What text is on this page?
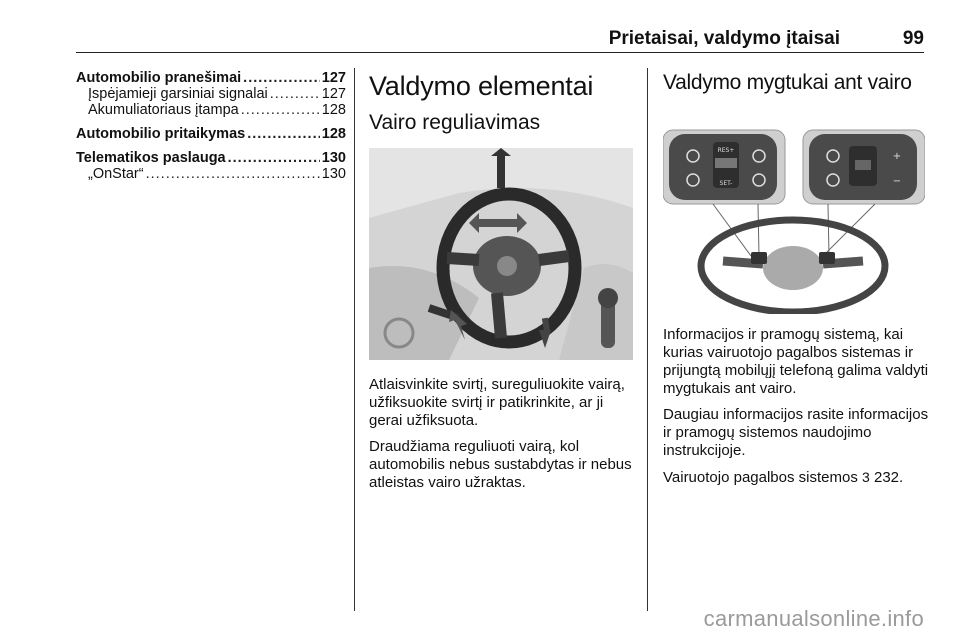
Prietaisai, valdymo įtaisai	99
Automobilio pranešimai .....	127
Įspėjamieji garsiniai signalai .....	127
Akumuliatoriaus įtampa .....	128
Automobilio pritaikymas .....	128
Telematikos paslauga .....	130
„OnStar“ .....	130
Valdymo elementai
Vairo reguliavimas

Atlaisvinkite svirtį, sureguliuokite vairą, užfiksuokite svirtį ir patikrinkite, ar ji gerai užfiksuota.

Draudžiama reguliuoti vairą, kol automobilis nebus sustabdytas ir nebus atleistas vairo užraktas.

Valdymo mygtukai ant vairo
RES+
SET-
+
−

Informacijos ir pramogų sistemą, kai kurias vairuotojo pagalbos sistemas ir prijungtą mobilųjį telefoną galima valdyti mygtukais ant vairo.

Daugiau informacijos rasite informacijos ir pramogų sistemos naudojimo instrukcijoje.

Vairuotojo pagalbos sistemos 3 232.

carmanualsonline.info
